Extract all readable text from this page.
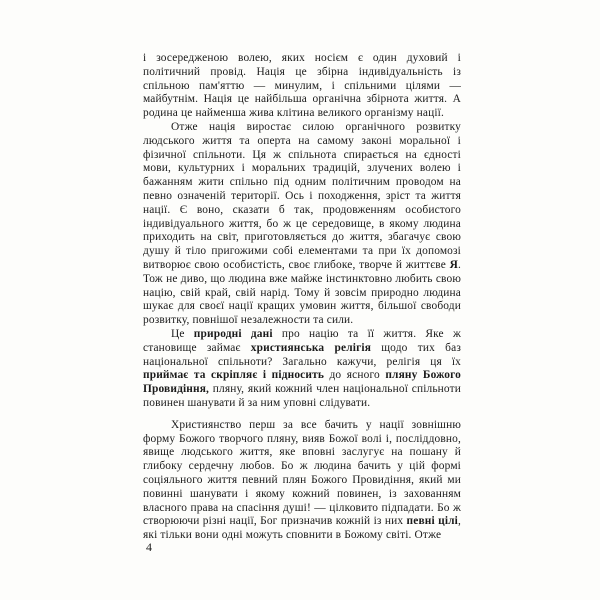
і зосередженою волею, яких носієм є один духовий і політичний провід. Нація це збірна індивідуальність із спільною пам'яттю — минулим, і спільними цілями — майбутнім. Нація це найбільша органічна збірнота життя. А родина це найменша жива клітина великого організму нації.

Отже нація виростає силою органічного розвитку людського життя та оперта на самому законі моральної і фізичної спільноти. Ця ж спільнота спирається на єдності мови, культурних і моральних традицій, злучених волею і бажанням жити спільно під одним політичним проводом на певно означеній території. Ось і походження, зріст та життя нації. Є воно, сказати б так, продовженням особистого індивідуального життя, бо ж це середовище, в якому людина приходить на світ, приготовляється до життя, збагачує свою душу й тіло пригожими собі елементами та при їх допомозі витворює свою особистість, своє глибоке, творче й життєве Я. Тож не диво, що людина вже майже інстинктовно любить свою націю, свій край, свій нарід. Тому й зовсім природно людина шукає для своєї нації кращих умовин життя, більшої свободи розвитку, повнішої незалежности та сили.

Це природні дані про націю та її життя. Яке ж становище займає християнська релігія щодо тих баз національної спільноти? Загально кажучи, релігія ця їх приймає та скріпляє і підносить до ясного пляну Божого Провидіння, пляну, який кожний член національної спільноти повинен шанувати й за ним уповні слідувати.

Християнство перш за все бачить у нації зовнішню форму Божого творчого пляну, вияв Божої волі і, посліддовно, явище людського життя, яке вповні заслугує на пошану й глибоку сердечну любов. Бо ж людина бачить у цій формі соціяльного життя певний плян Божого Провидіння, який ми повинні шанувати і якому кожний повинен, із захованням власного права на спасіння душі! — цілковито підпадати. Бо ж створюючи різні нації, Бог призначив кожній із них певні цілі, які тільки вони одні можуть сповнити в Божому світі. Отже

4
